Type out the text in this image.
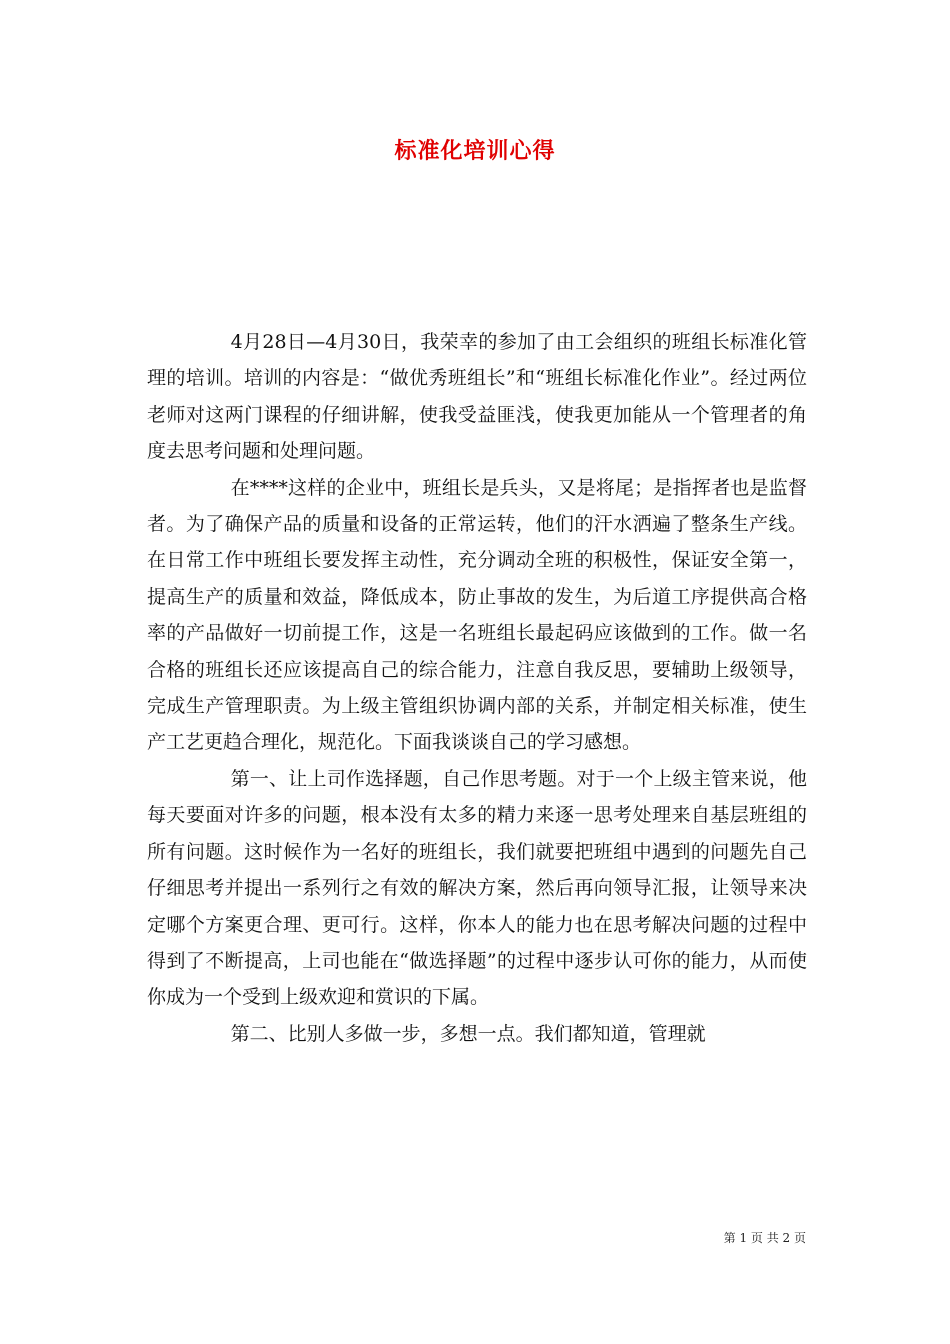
标准化培训心得

4月28日—4月30日，我荣幸的参加了由工会组织的班组长标准化管理的培训。培训的内容是：“做优秀班组长”和“班组长标准化作业”。经过两位老师对这两门课程的仔细讲解，使我受益匪浅，使我更加能从一个管理者的角度去思考问题和处理问题。

在****这样的企业中，班组长是兵头，又是将尾；是指挥者也是监督者。为了确保产品的质量和设备的正常运转，他们的汗水洒遍了整条生产线。在日常工作中班组长要发挥主动性，充分调动全班的积极性，保证安全第一，提高生产的质量和效益，降低成本，防止事故的发生，为后道工序提供高合格率的产品做好一切前提工作，这是一名班组长最起码应该做到的工作。做一名合格的班组长还应该提高自己的综合能力，注意自我反思，要辅助上级领导，完成生产管理职责。为上级主管组织协调内部的关系，并制定相关标准，使生产工艺更趋合理化，规范化。下面我谈谈自己的学习感想。

第一、让上司作选择题，自己作思考题。对于一个上级主管来说，他每天要面对许多的问题，根本没有太多的精力来逐一思考处理来自基层班组的所有问题。这时候作为一名好的班组长，我们就要把班组中遇到的问题先自己仔细思考并提出一系列行之有效的解决方案，然后再向领导汇报，让领导来决定哪个方案更合理、更可行。这样，你本人的能力也在思考解决问题的过程中得到了不断提高，上司也能在“做选择题”的过程中逐步认可你的能力，从而使你成为一个受到上级欢迎和赏识的下属。

第二、比别人多做一步，多想一点。我们都知道，管理就

第 1 页 共 2 页
